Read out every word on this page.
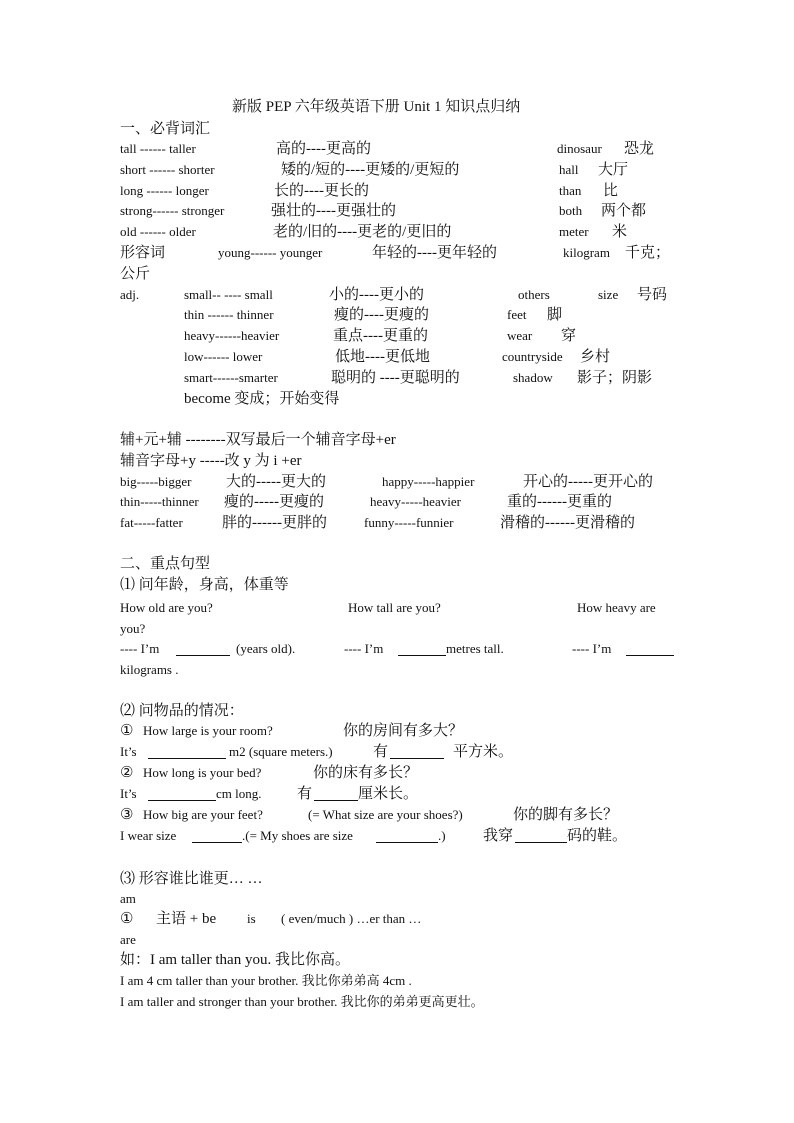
新版 PEP 六年级英语下册 Unit 1 知识点归纳
一、必背词汇
tall ------ taller	高的----更高的	dinosaur 恐龙
short ------ shorter	矮的/短的----更矮的/更短的	hall 大厅
long ------ longer	长的----更长的	than 比
strong------ stronger	强壮的----更强壮的	both 两个都
old ------ older	老的/旧的----更老的/更旧的	meter 米
形容词	young------ younger	年轻的----更年轻的	kilogram 千克；
公斤
adj.	small-- ---- small	小的----更小的	others	size 号码
thin ------ thinner	瘦的----更瘦的	feet 脚
heavy------heavier	重点----更重的	wear 穿
low------ lower	低地----更低地	countryside 乡村
smart------smarter	聪明的 ----更聪明的	shadow 影子；阴影
become 变成；开始变得
辅+元+辅 --------双写最后一个辅音字母+er
辅音字母+y -----改 y 为 i +er
big-----bigger 大的-----更大的	happy-----happier	开心的-----更开心的
thin-----thinner 瘦的-----更瘦的	heavy-----heavier	重的------更重的
fat-----fatter	胖的------更胖的	funny-----funnier	滑稽的------更滑稽的
二、重点句型
⑴ 问年龄，身高，体重等
How old are you?	How tall are you?	How heavy are
you?
---- I’m	(years old).	---- I’m	metres tall.	---- I’m
kilograms .
⑵ 问物品的情况：
① How large is your room?	你的房间有多大？
It’s	m2 (square meters.)	有	平方米。
② How long is your bed?	你的床有多长？
It’s	cm long. 有	厘米长。
③ How big are your feet?	(= What size are your shoes?)	你的脚有多长？
I wear size	.(= My shoes are size	.) 我穿	码的鞋。
⑶ 形容谁比谁更… …
am
① 主语 + be is ( even/much ) …er than …
are
如：I am taller than you. 我比你高。
I am 4 cm taller than your brother. 我比你弟弟高 4cm .
I am taller and stronger than your brother. 我比你的弟弟更高更壮。
